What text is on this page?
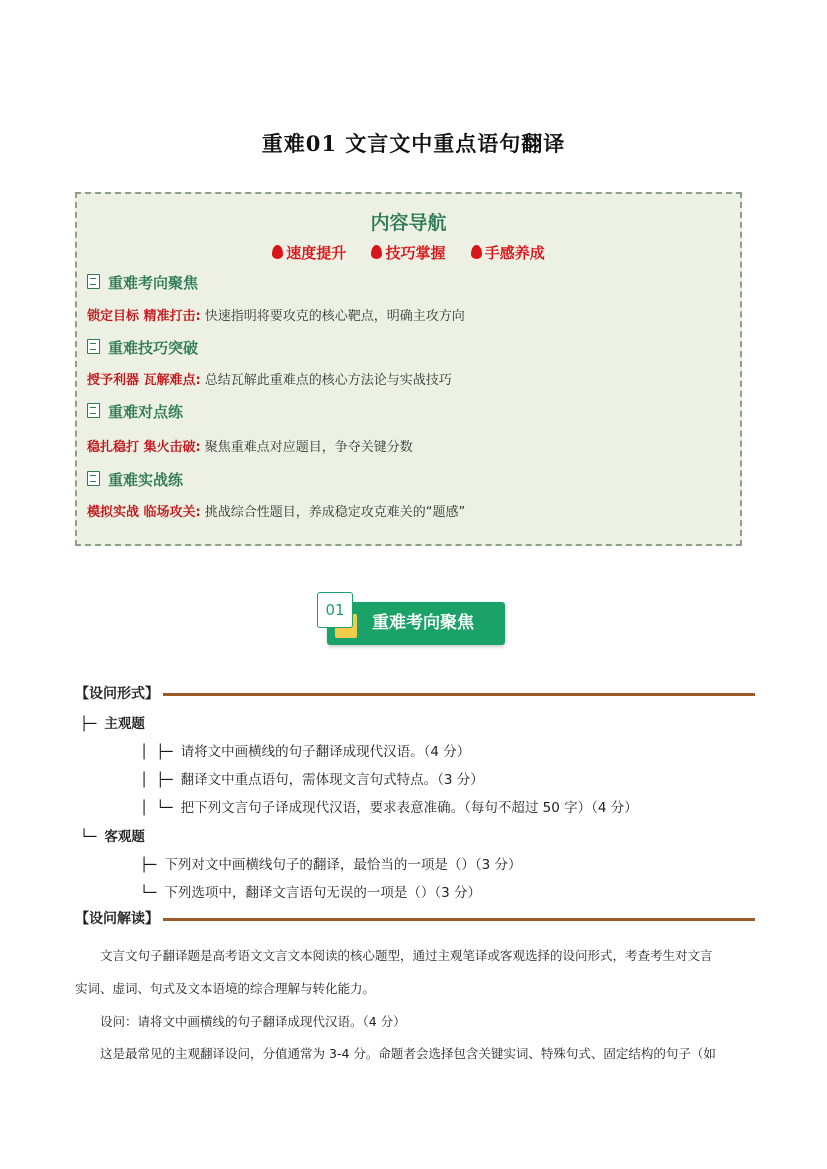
重难01 文言文中重点语句翻译
内容导航
速度提升	技巧掌握	手感养成
重难考向聚焦
锁定目标 精准打击: 快速指明将要攻克的核心靶点，明确主攻方向
重难技巧突破
授予利器 瓦解难点: 总结瓦解此重难点的核心方法论与实战技巧
重难对点练
稳扎稳打 集火击破: 聚焦重难点对应题目，争夺关键分数
重难实战练
模拟实战 临场攻关: 挑战综合性题目，养成稳定攻克难关的“题感”
01
重难考向聚焦
【设问形式】
├─ 主观题
│ ├─ 请将文中画横线的句子翻译成现代汉语。（4 分）
│ ├─ 翻译文中重点语句，需体现文言句式特点。（3 分）
│ └─ 把下列文言句子译成现代汉语，要求表意准确。（每句不超过 50 字）（4 分）
└─ 客观题
├─ 下列对文中画横线句子的翻译，最恰当的一项是（）（3 分）
└─ 下列选项中，翻译文言语句无误的一项是（）（3 分）
【设问解读】
文言文句子翻译题是高考语文文言文本阅读的核心题型，通过主观笔译或客观选择的设问形式，考查考生对文言
实词、虚词、句式及文本语境的综合理解与转化能力。
设问：请将文中画横线的句子翻译成现代汉语。（4 分）
这是最常见的主观翻译设问，分值通常为 3-4 分。命题者会选择包含关键实词、特殊句式、固定结构的句子（如
